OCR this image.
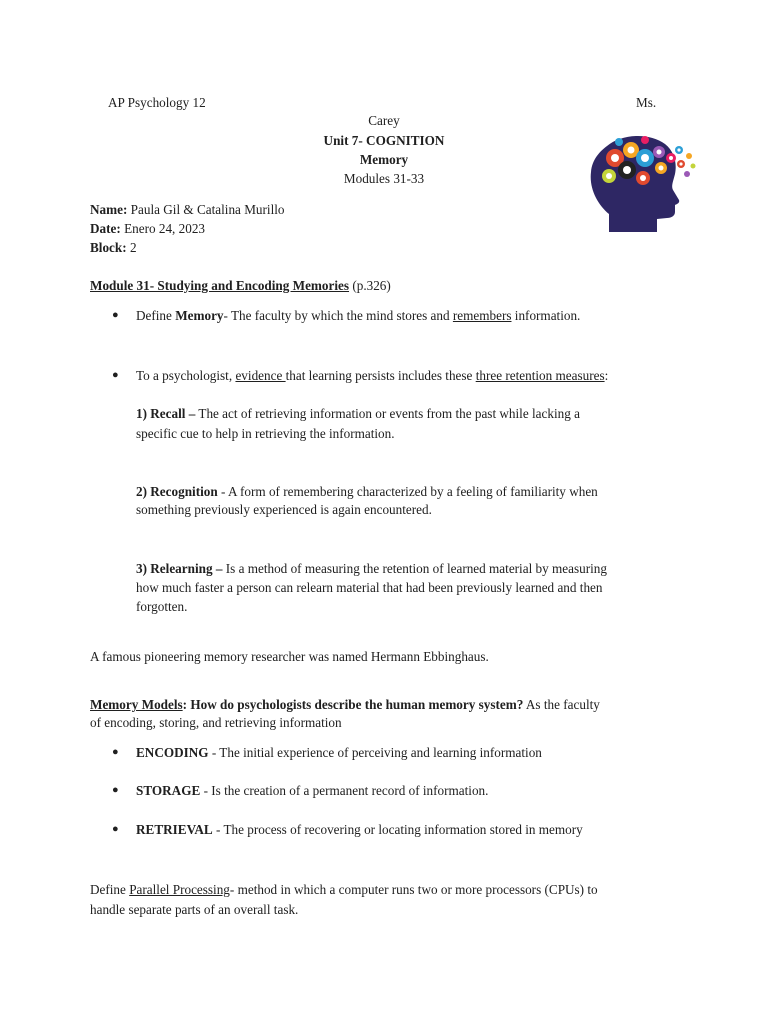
AP Psychology 12	Ms.
Carey
Unit 7- COGNITION
Memory
Modules 31-33
Name: Paula Gil & Catalina Murillo
Date: Enero 24, 2023
Block: 2
Module 31- Studying and Encoding Memories (p.326)
● Define Memory- The faculty by which the mind stores and remembers information.
● To a psychologist, evidence that learning persists includes these three retention measures:
1) Recall – The act of retrieving information or events from the past while lacking a
specific cue to help in retrieving the information.
2) Recognition - A form of remembering characterized by a feeling of familiarity when
something previously experienced is again encountered.
3) Relearning – Is a method of measuring the retention of learned material by measuring
how much faster a person can relearn material that had been previously learned and then
forgotten.
A famous pioneering memory researcher was named Hermann Ebbinghaus.
Memory Models: How do psychologists describe the human memory system? As the faculty
of encoding, storing, and retrieving information
● ENCODING - The initial experience of perceiving and learning information
● STORAGE - Is the creation of a permanent record of information.
● RETRIEVAL - The process of recovering or locating information stored in memory
Define Parallel Processing- method in which a computer runs two or more processors (CPUs) to
handle separate parts of an overall task.
